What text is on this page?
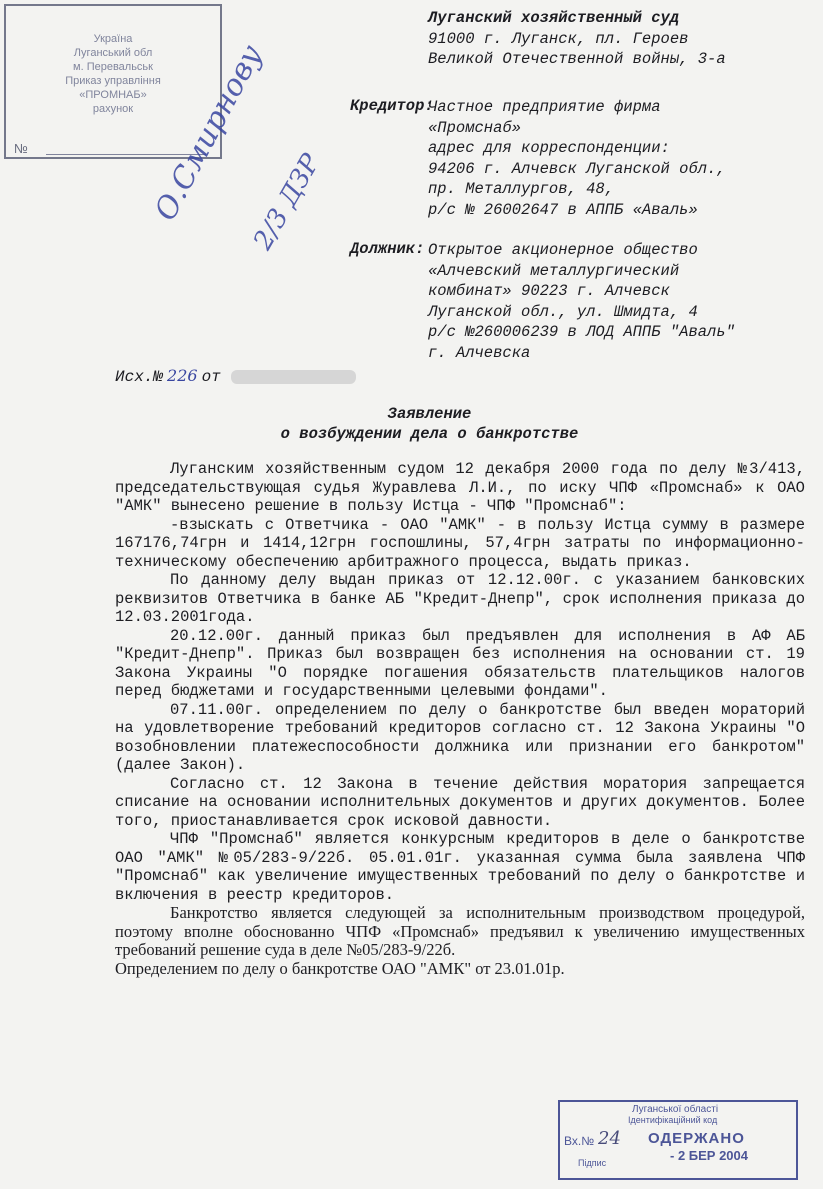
Україна
Луганський обл
м. Перевальськ
Приказ управління
«ПРОМНАБ»
рахунок
№	О.Смирнову
2/3 ДЗР
Луганский хозяйственный суд
91000 г. Луганск, пл. Героев
Великой Отечественной войны, 3-а
Кредитор:
Частное предприятие фирма
«Промснаб»
адрес для корреспонденции:
94206 г. Алчевск Луганской обл.,
пр. Металлургов, 48,
р/с № 26002647 в АППБ «Аваль»
Должник: Открытое акционерное общество
«Алчевский металлургический
комбинат» 90223 г. Алчевск
Луганской обл., ул. Шмидта, 4
р/с №260006239 в ЛОД АППБ "Аваль"
г. Алчевска
Исх.№ 226 от
Заявление
о возбуждении дела о банкротстве

Луганским хозяйственным судом 12 декабря 2000 года по делу №3/413, председательствующая судья Журавлева Л.И., по иску ЧПФ «Промснаб» к ОАО "АМК" вынесено решение в пользу Истца - ЧПФ "Промснаб":

-взыскать с Ответчика - ОАО "АМК" - в пользу Истца сумму в размере 167176,74грн и 1414,12грн госпошлины, 57,4грн затраты по информационно-техническому обеспечению арбитражного процесса, выдать приказ.

По данному делу выдан приказ от 12.12.00г. с указанием банковских реквизитов Ответчика в банке АБ "Кредит-Днепр", срок исполнения приказа до 12.03.2001года.

20.12.00г. данный приказ был предъявлен для исполнения в АФ АБ "Кредит-Днепр". Приказ был возвращен без исполнения на основании ст. 19 Закона Украины "О порядке погашения обязательств плательщиков налогов перед бюджетами и государственными целевыми фондами".

07.11.00г. определением по делу о банкротстве был введен мораторий на удовлетворение требований кредиторов согласно ст. 12 Закона Украины "О возобновлении платежеспособности должника или признании его банкротом" (далее Закон).

Согласно ст. 12 Закона в течение действия моратория запрещается списание на основании исполнительных документов и других документов. Более того, приостанавливается срок исковой давности.

ЧПФ "Промснаб" является конкурсным кредиторов в деле о банкротстве ОАО "АМК" №05/283-9/22б. 05.01.01г. указанная сумма была заявлена ЧПФ "Промснаб" как увеличение имущественных требований по делу о банкротстве и включения в реестр кредиторов.

Банкротство является следующей за исполнительным производством процедурой, поэтому вполне обоснованно ЧПФ «Промснаб» предъявил к увеличению имущественных требований решение суда в деле №05/283-9/22б.

Определением по делу о банкротстве ОАО "АМК" от 23.01.01р.

Луганської області
Ідентифікаційний код
Вх.№ 24 ОДЕРЖАНО
- 2 БЕР 2004
Підпис
